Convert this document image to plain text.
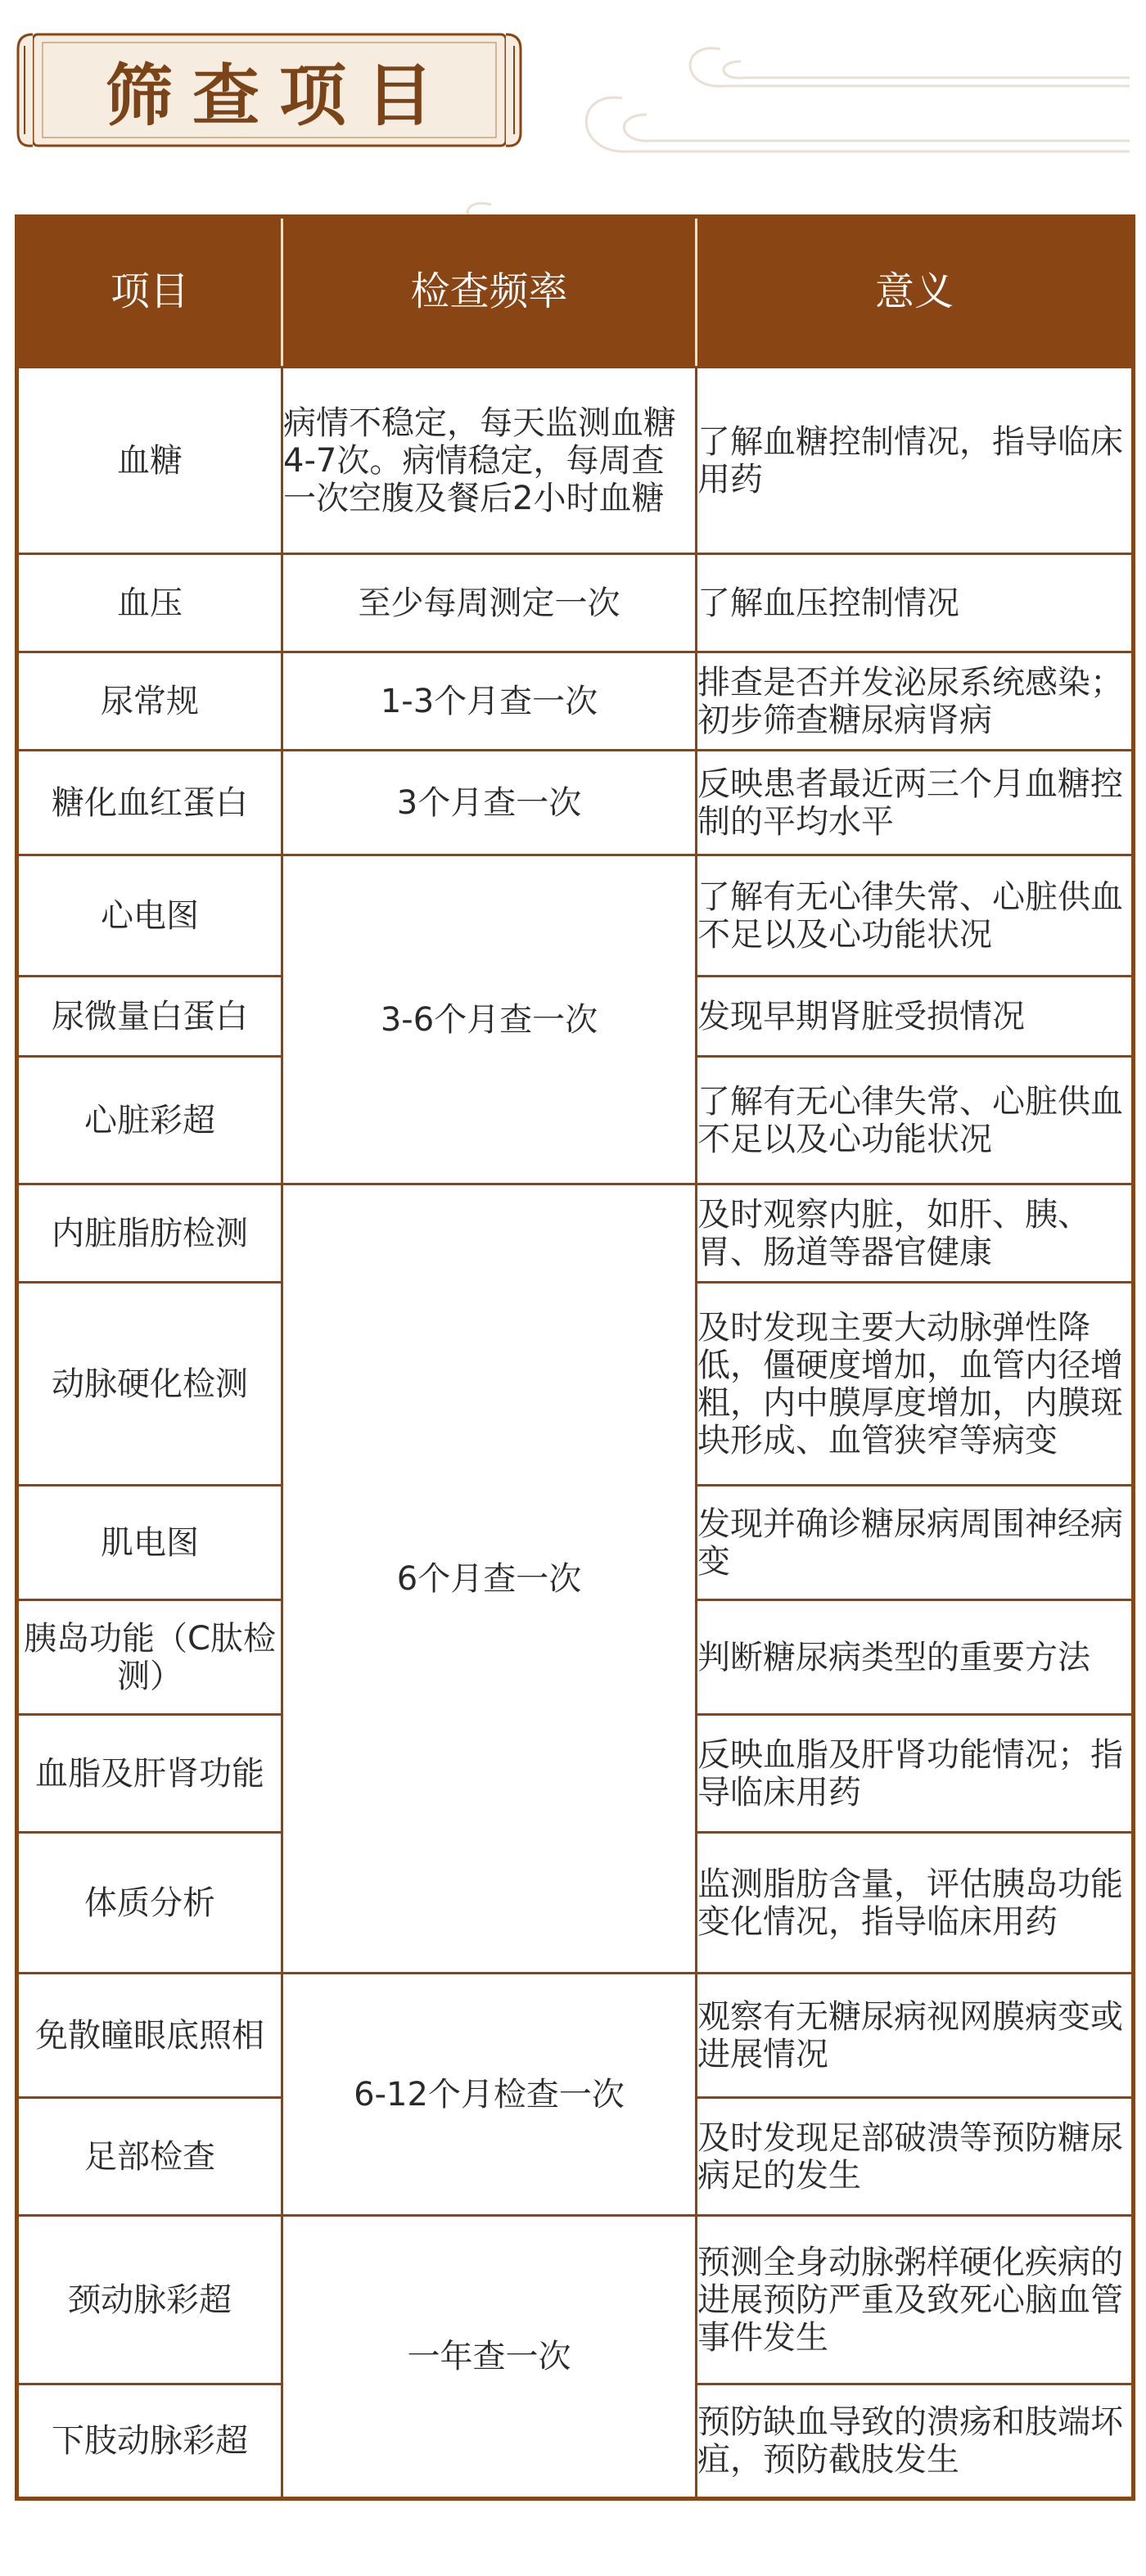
筛查项目
项目	检查频率	意义
血糖	病情不稳定，每天监测血糖 4-7次。病情稳定，每周查一次空腹及餐后2小时血糖	了解血糖控制情况，指导临床用药
血压	至少每周测定一次	了解血压控制情况
尿常规	1-3个月查一次	排查是否并发泌尿系统感染；初步筛查糖尿病肾病
糖化血红蛋白	3个月查一次	反映患者最近两三个月血糖控制的平均水平
心电图	3-6个月查一次	了解有无心律失常、心脏供血不足以及心功能状况
尿微量白蛋白		发现早期肾脏受损情况
心脏彩超		了解有无心律失常、心脏供血不足以及心功能状况
内脏脂肪检测	6个月查一次	及时观察内脏，如肝、胰、胃、肠道等器官健康
动脉硬化检测		及时发现主要大动脉弹性降低，僵硬度增加，血管内径增粗，内中膜厚度增加，内膜斑块形成、血管狭窄等病变
肌电图		发现并确诊糖尿病周围神经病变
胰岛功能（C肽检测）		判断糖尿病类型的重要方法
血脂及肝肾功能		反映血脂及肝肾功能情况；指导临床用药
体质分析		监测脂肪含量，评估胰岛功能变化情况，指导临床用药
免散瞳眼底照相	6-12个月检查一次	观察有无糖尿病视网膜病变或进展情况
足部检查		及时发现足部破溃等预防糖尿病足的发生
颈动脉彩超	一年查一次	预测全身动脉粥样硬化疾病的进展预防严重及致死心脑血管事件发生
下肢动脉彩超		预防缺血导致的溃疡和肢端坏疽，预防截肢发生
